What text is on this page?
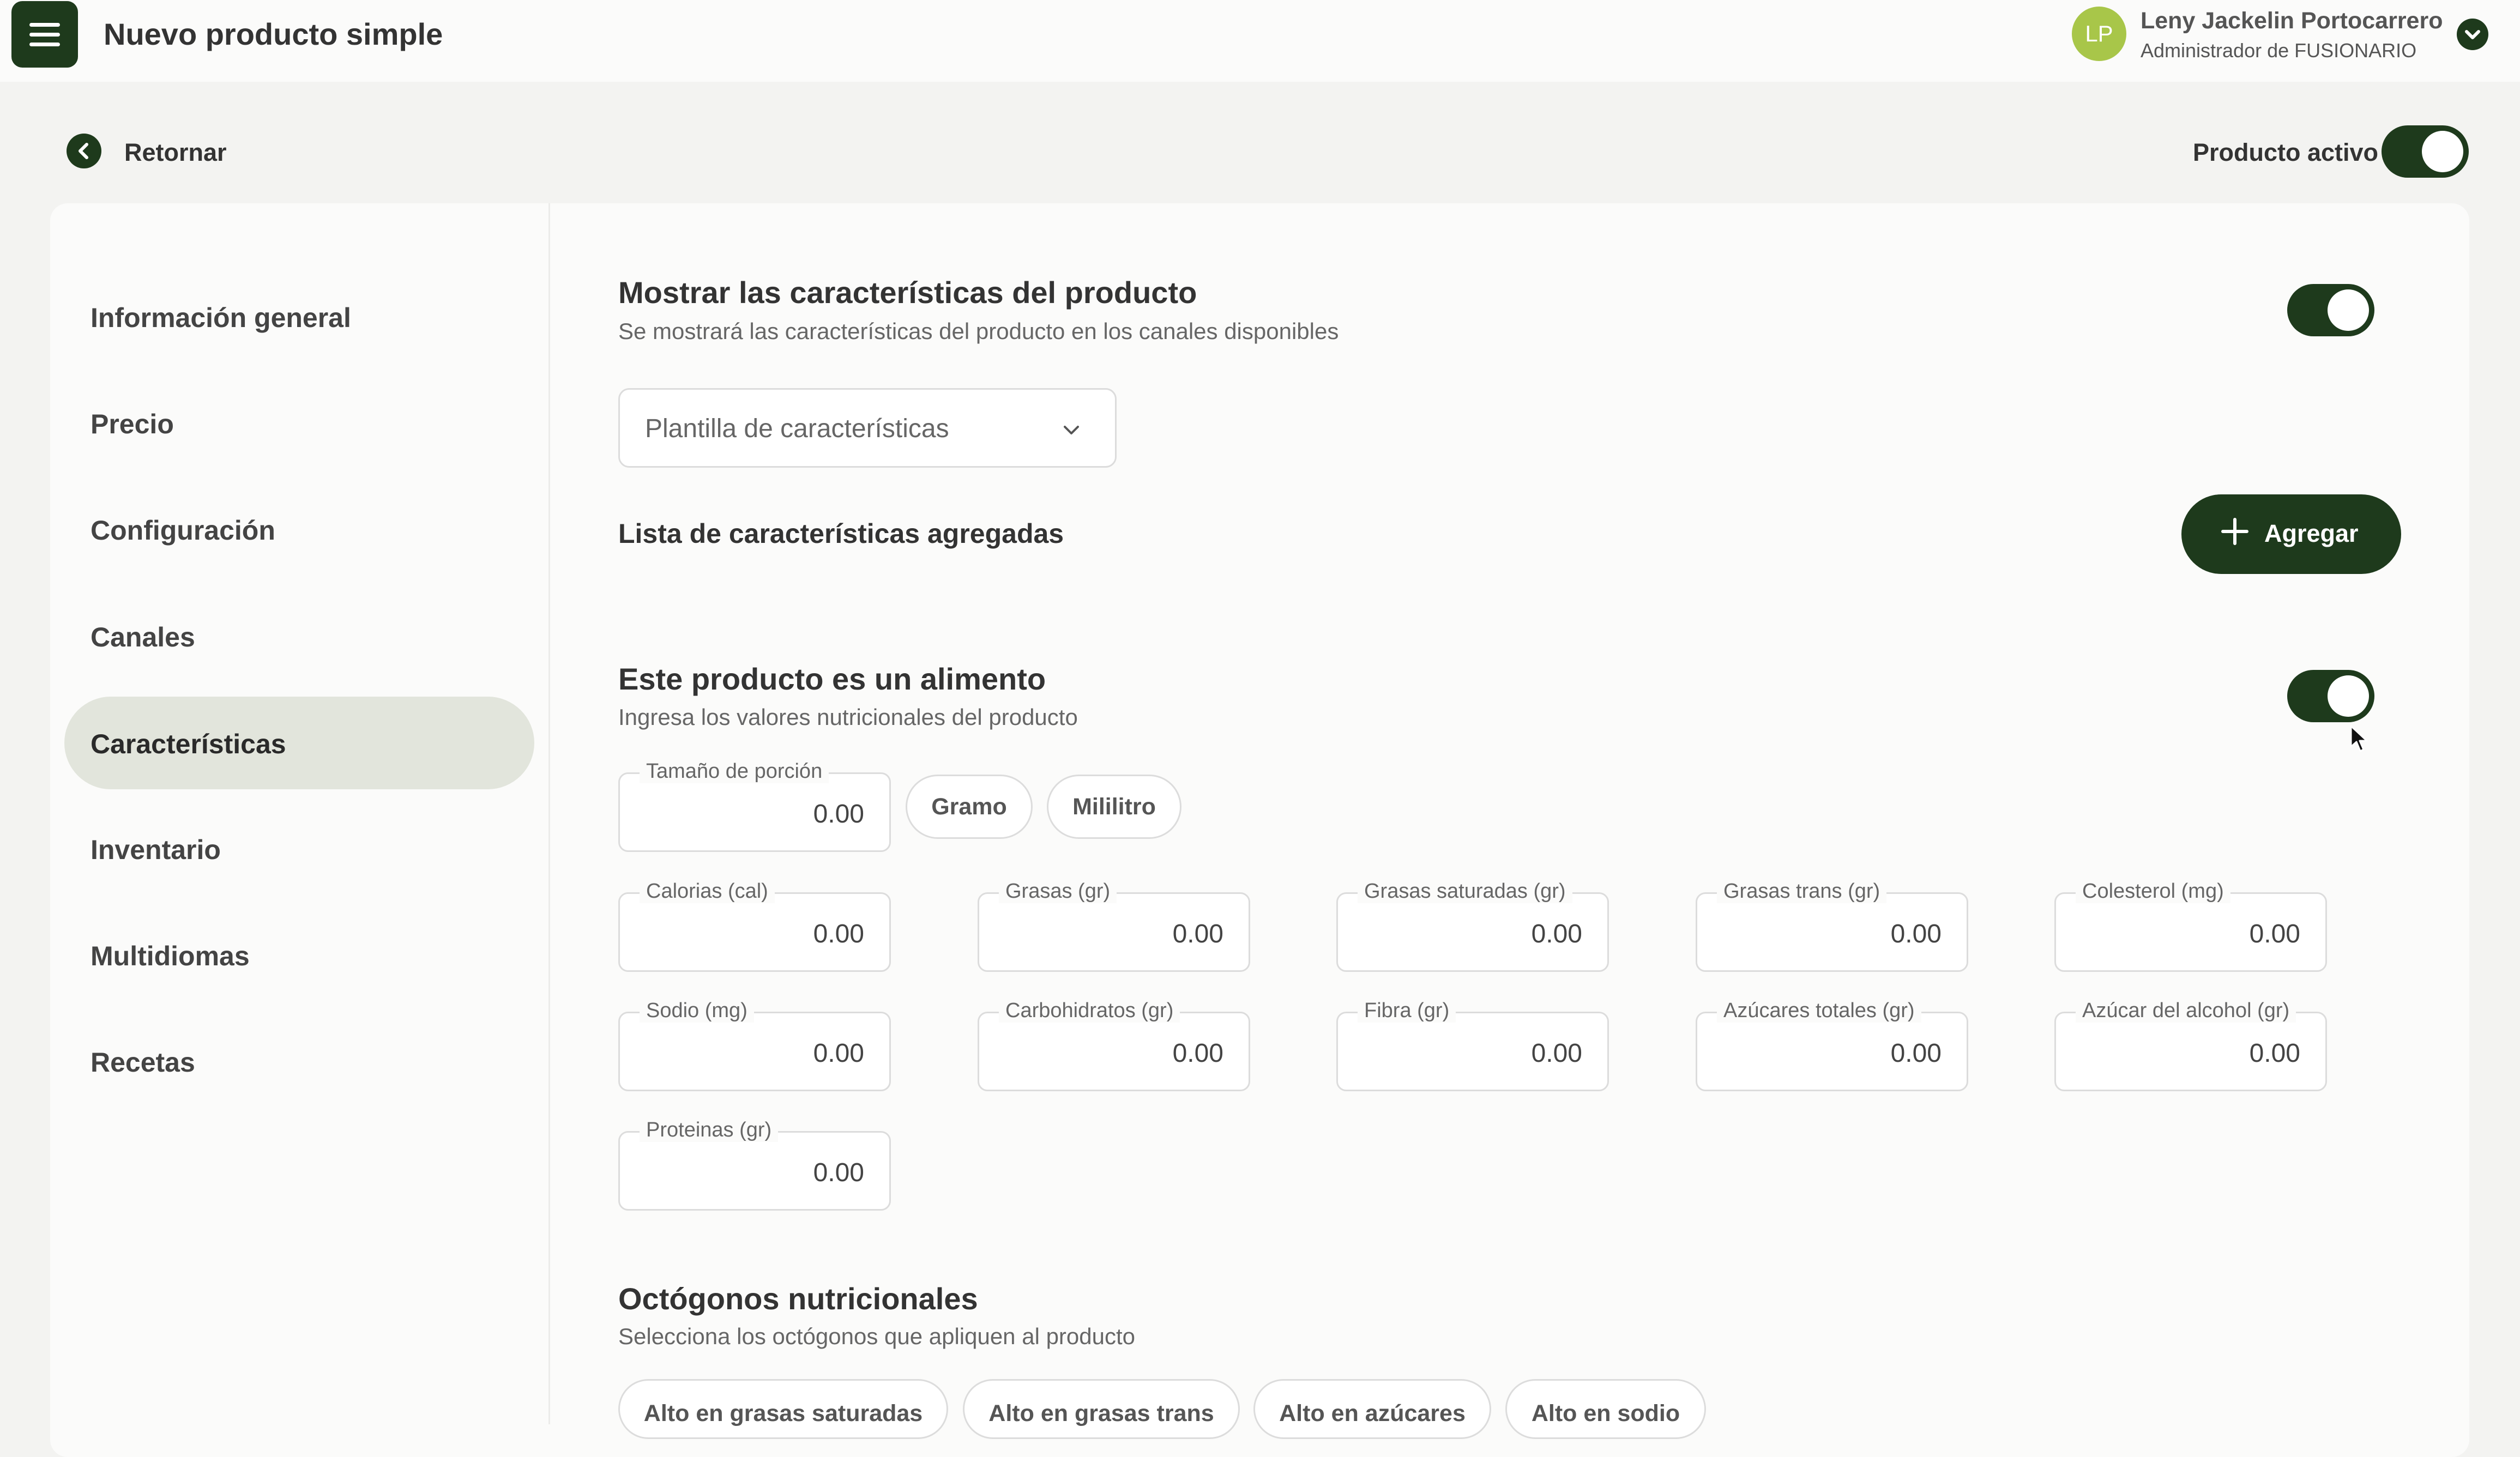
Nuevo producto simple	LP	Leny Jackelin Portocarrero
Administrador de FUSIONARIO
Retornar	Producto activo
Información general
Precio
Configuración
Canales
Características
Inventario
Multidiomas
Recetas
Mostrar las características del producto
Se mostrará las características del producto en los canales disponibles
Plantilla de características
Lista de características agregadas	Agregar
Este producto es un alimento
Ingresa los valores nutricionales del producto
Tamaño de porción
0.00	Gramo	Mililitro
Calorias (cal)
0.00
Grasas (gr)
0.00
Grasas saturadas (gr)
0.00
Grasas trans (gr)
0.00
Colesterol (mg)
0.00
Sodio (mg)
0.00
Carbohidratos (gr)
0.00
Fibra (gr)
0.00
Azúcares totales (gr)
0.00
Azúcar del alcohol (gr)
0.00
Proteinas (gr)
0.00
Octógonos nutricionales
Selecciona los octógonos que apliquen al producto
Alto en grasas saturadas	Alto en grasas trans	Alto en azúcares	Alto en sodio
